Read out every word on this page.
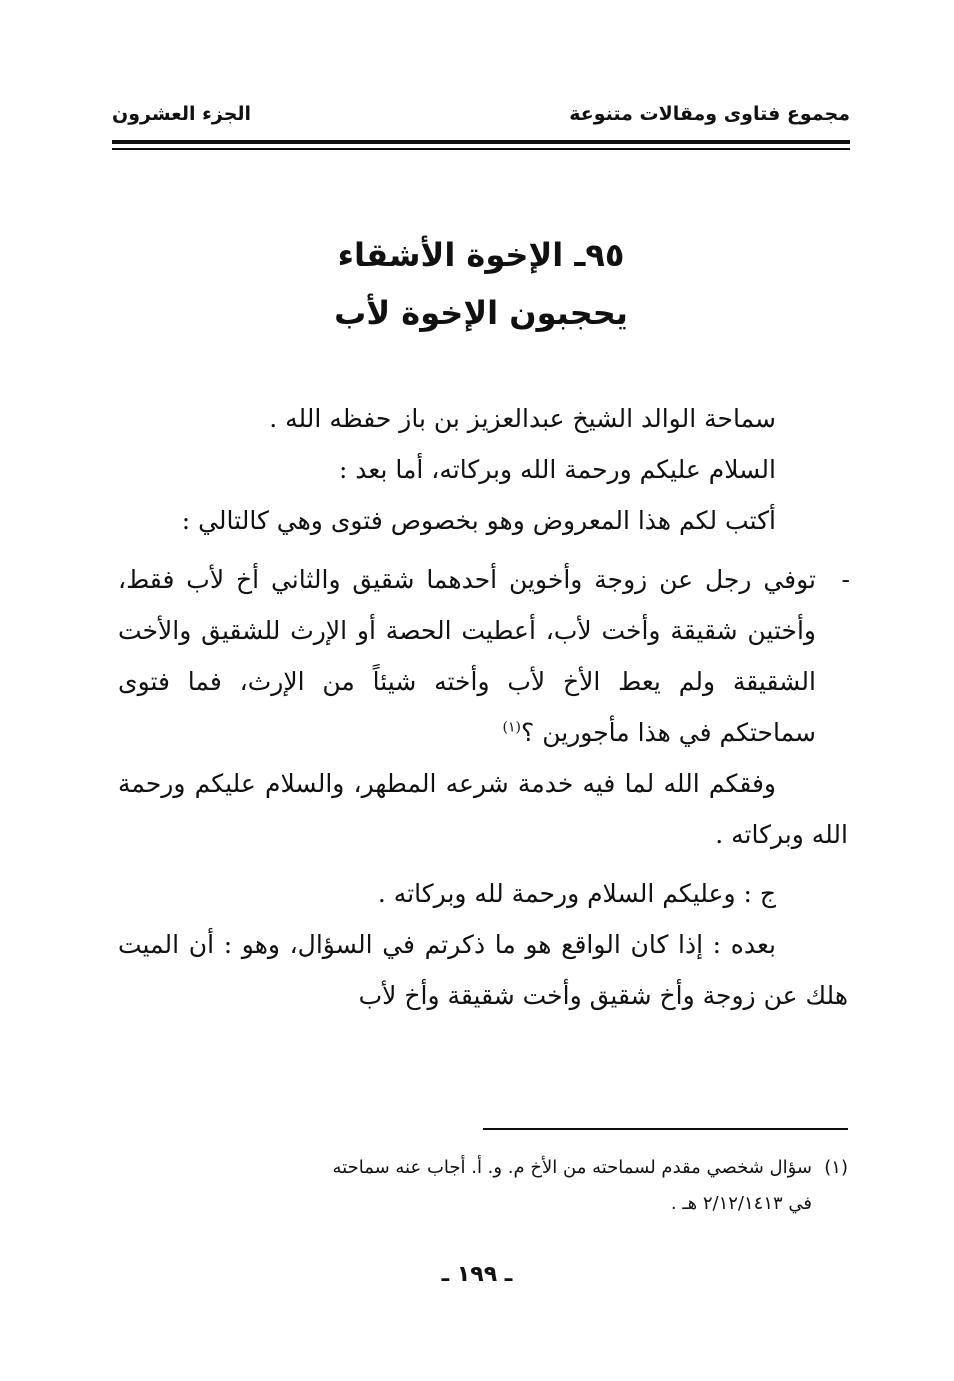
مجموع فتاوى ومقالات متنوعة
الجزء العشرون
٩٥ـ الإخوة الأشقاء
يحجبون الإخوة لأب

سماحة الوالد الشيخ عبدالعزيز بن باز حفظه الله .

السلام عليكم ورحمة الله وبركاته، أما بعد :

أكتب لكم هذا المعروض وهو بخصوص فتوى وهي كالتالي :

-

توفي رجل عن زوجة وأخوين أحدهما شقيق والثاني أخ لأب فقط، وأختين شقيقة وأخت لأب، أعطيت الحصة أو الإرث للشقيق والأخت الشقيقة ولم يعط الأخ لأب وأخته شيئاً من الإرث، فما فتوى سماحتكم في هذا مأجورين ؟$^{(١)}$

وفقكم الله لما فيه خدمة شرعه المطهر، والسلام عليكم ورحمة الله وبركاته .

ج : وعليكم السلام ورحمة لله وبركاته .

بعده : إذا كان الواقع هو ما ذكرتم في السؤال، وهو : أن الميت هلك عن زوجة وأخ شقيق وأخت شقيقة وأخ لأب

(١)سؤال شخصي مقدم لسماحته من الأخ م. و. أ. أجاب عنه سماحته
في ٢/١٢/١٤١٣ هـ .
ـ ١٩٩ ـ
